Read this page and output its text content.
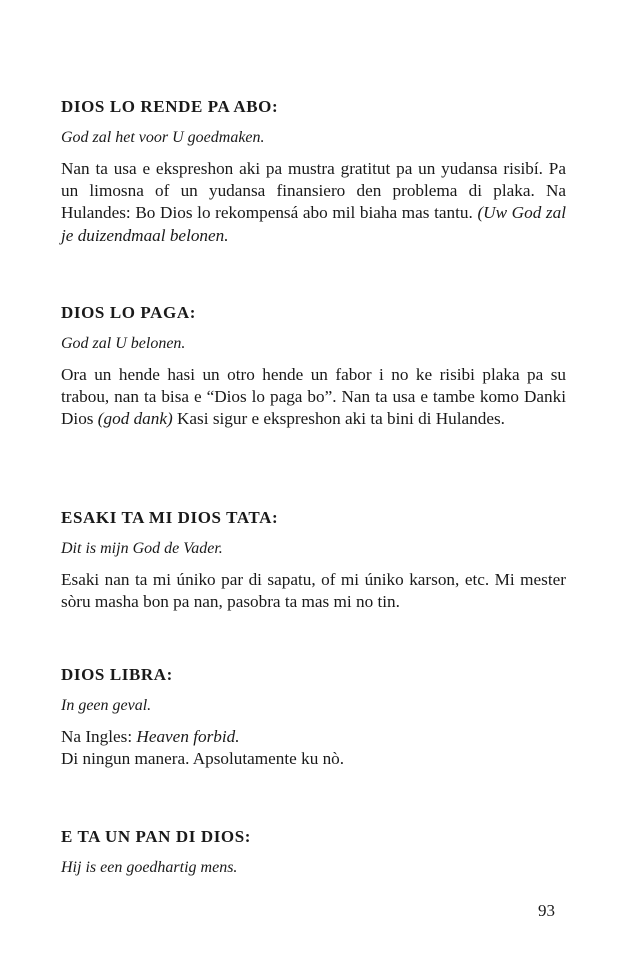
DIOS LO RENDE PA ABO:

God zal het voor U goedmaken.

Nan ta usa e ekspreshon aki pa mustra gratitut pa un yudansa risibí. Pa un limosna of un yudansa finansiero den problema di plaka. Na Hulandes: Bo Dios lo rekompensá abo mil biaha mas tantu. (Uw God zal je duizendmaal belonen.

DIOS LO PAGA:

God zal U belonen.

Ora un hende hasi un otro hende un fabor i no ke risibi plaka pa su trabou, nan ta bisa e “Dios lo paga bo”. Nan ta usa e tambe komo Danki Dios (god dank) Kasi sigur e ekspreshon aki ta bini di Hulandes.

ESAKI TA MI DIOS TATA:

Dit is mijn God de Vader.

Esaki nan ta mi úniko par di sapatu, of mi úniko karson, etc. Mi mester sòru masha bon pa nan, pasobra ta mas mi no tin.

DIOS LIBRA:

In geen geval.

Na Ingles: Heaven forbid.

Di ningun manera. Apsolutamente ku nò.

E TA UN PAN DI DIOS:

Hij is een goedhartig mens.

93
